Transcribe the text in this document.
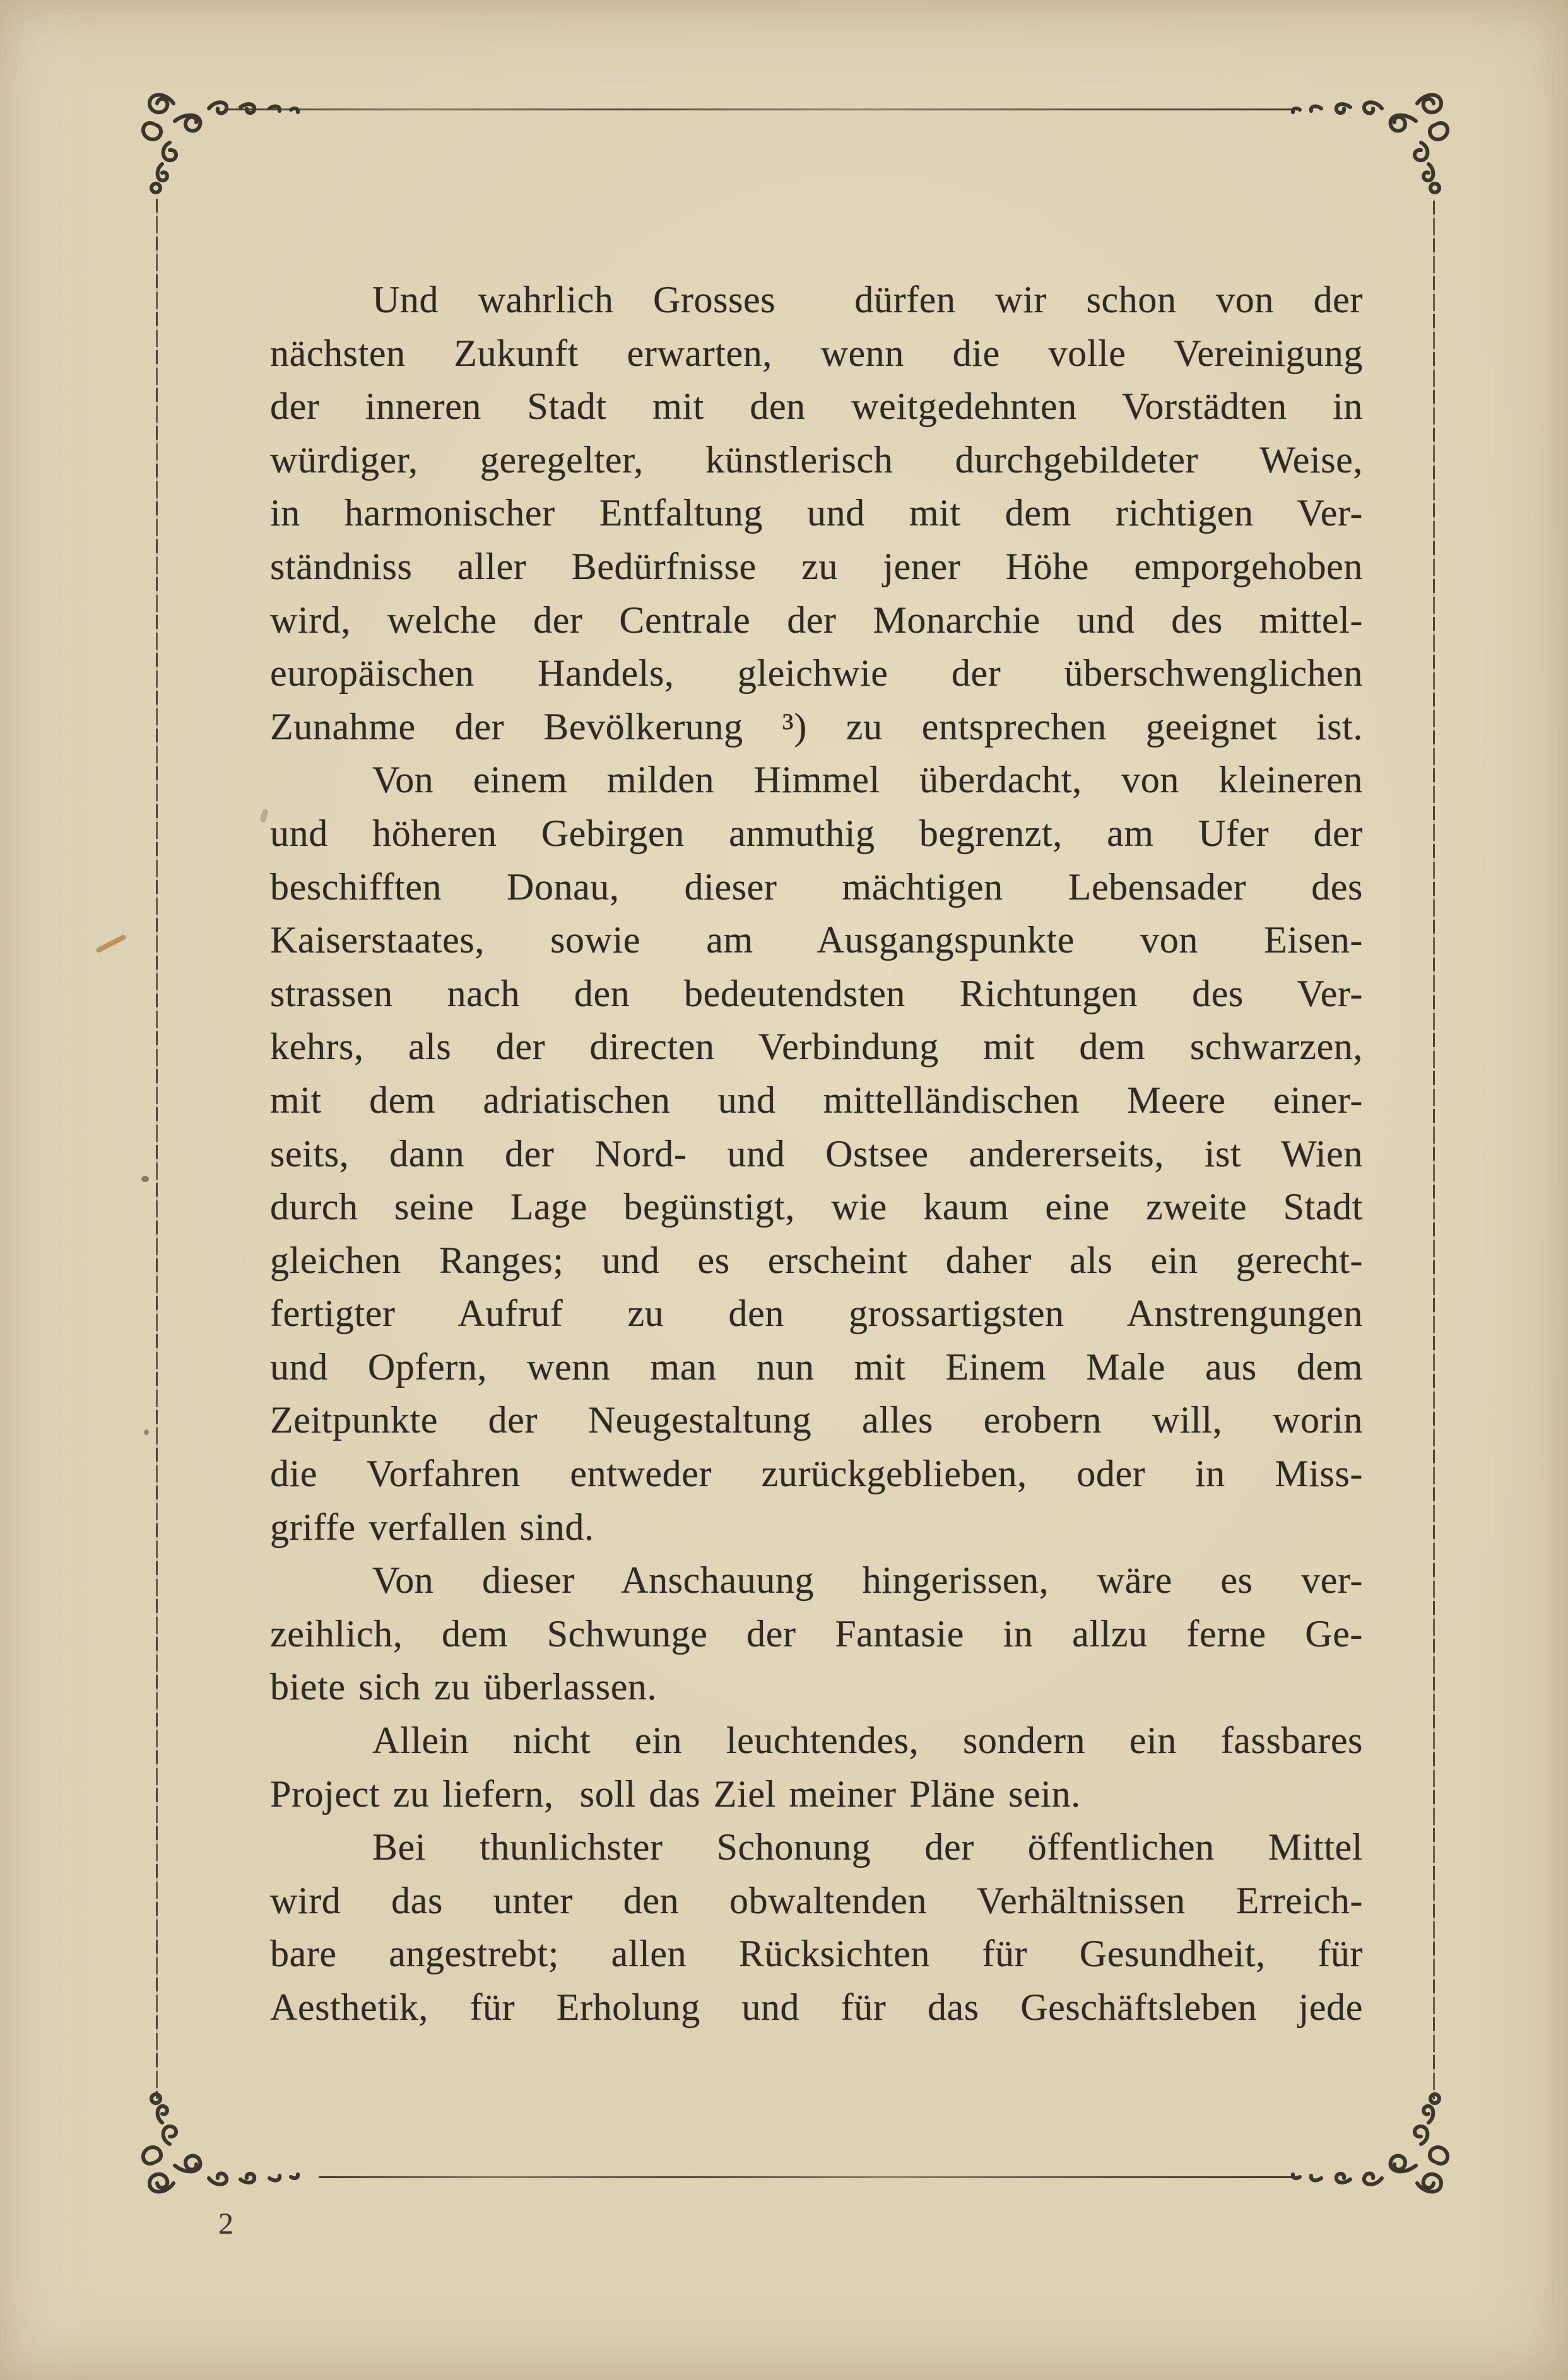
Und wahrlich Grosses  dürfen wir schon von der
nächsten Zukunft erwarten, wenn die volle Vereinigung
der inneren Stadt mit den weitgedehnten Vorstädten in
würdiger, geregelter, künstlerisch durchgebildeter Weise,
in harmonischer Entfaltung und mit dem richtigen Ver-
ständniss aller Bedürfnisse zu jener Höhe emporgehoben
wird, welche der Centrale der Monarchie und des mittel-
europäischen Handels, gleichwie der überschwenglichen
Zunahme der Bevölkerung ³) zu entsprechen geeignet ist.
Von einem milden Himmel überdacht, von kleineren
und höheren Gebirgen anmuthig begrenzt, am Ufer der
beschifften Donau, dieser mächtigen Lebensader des
Kaiserstaates, sowie am Ausgangspunkte von Eisen-
strassen nach den bedeutendsten Richtungen des Ver-
kehrs, als der directen Verbindung mit dem schwarzen,
mit dem adriatischen und mittelländischen Meere einer-
seits, dann der Nord- und Ostsee andererseits, ist Wien
durch seine Lage begünstigt, wie kaum eine zweite Stadt
gleichen Ranges; und es erscheint daher als ein gerecht-
fertigter Aufruf zu den grossartigsten Anstrengungen
und Opfern, wenn man nun mit Einem Male aus dem
Zeitpunkte der Neugestaltung alles erobern will, worin
die Vorfahren entweder zurückgeblieben, oder in Miss-
griffe verfallen sind.
Von dieser Anschauung hingerissen, wäre es ver-
zeihlich, dem Schwunge der Fantasie in allzu ferne Ge-
biete sich zu überlassen.
Allein nicht ein leuchtendes, sondern ein fassbares
Project zu liefern,  soll das Ziel meiner Pläne sein.
Bei thunlichster Schonung der öffentlichen Mittel
wird das unter den obwaltenden Verhältnissen Erreich-
bare angestrebt; allen Rücksichten für Gesundheit, für
Aesthetik, für Erholung und für das Geschäftsleben jede
2
